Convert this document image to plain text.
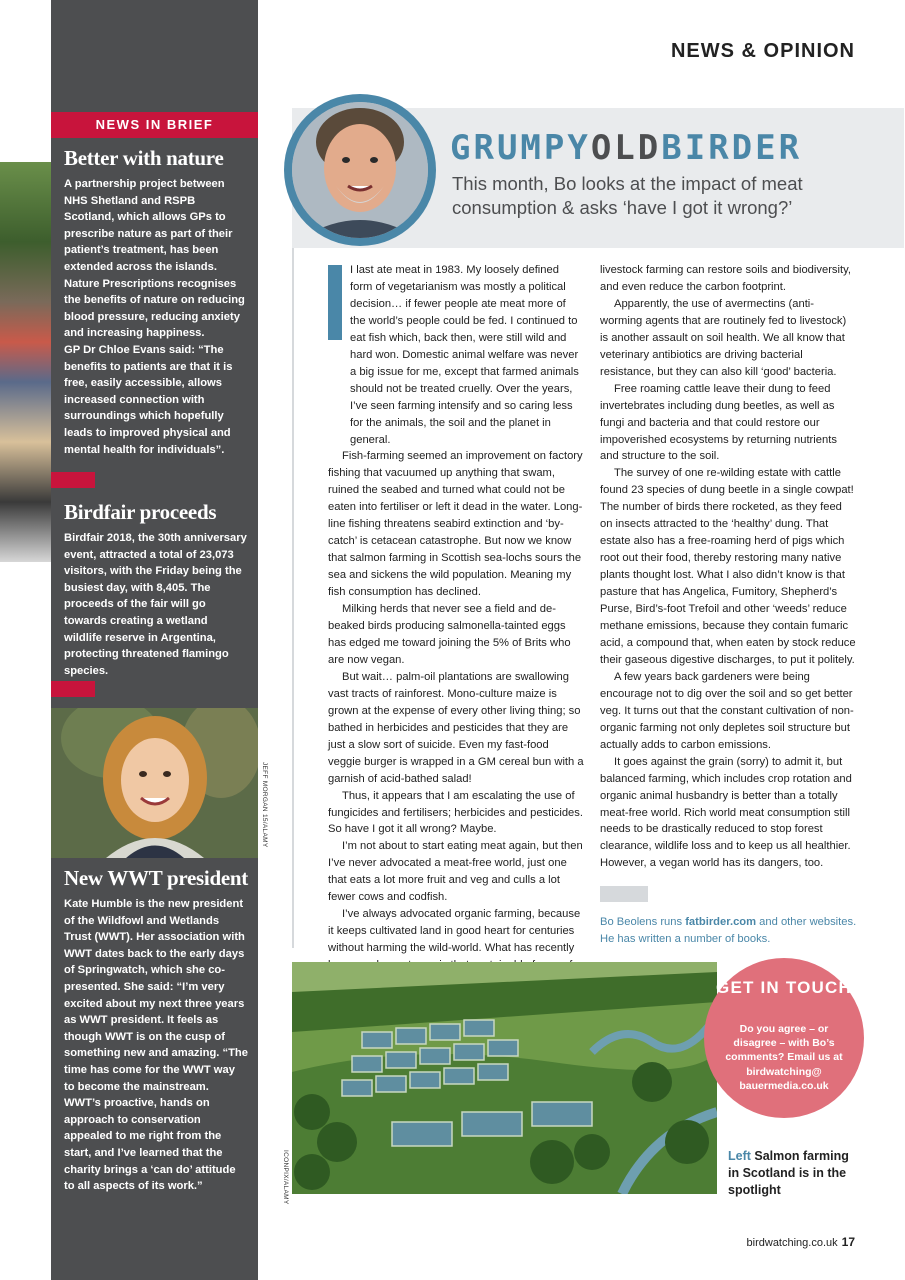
NEWS & OPINION
NEWS IN BRIEF
Better with nature
A partnership project between NHS Shetland and RSPB Scotland, which allows GPs to prescribe nature as part of their patient’s treatment, has been extended across the islands. Nature Prescriptions recognises the benefits of nature on reducing blood pressure, reducing anxiety and increasing happiness.
GP Dr Chloe Evans said: “The benefits to patients are that it is free, easily accessible, allows increased connection with surroundings which hopefully leads to improved physical and mental health for individuals”.
Birdfair proceeds
Birdfair 2018, the 30th anniversary event, attracted a total of 23,073 visitors, with the Friday being the busiest day, with 8,405. The proceeds of the fair will go towards creating a wetland wildlife reserve in Argentina, protecting threatened flamingo species.
JEFF MORGAN 15/ALAMY
New WWT president
Kate Humble is the new president of the Wildfowl and Wetlands Trust (WWT). Her association with WWT dates back to the early days of Springwatch, which she co-presented. She said: “I’m very excited about my next three years as WWT president. It feels as though WWT is on the cusp of something new and amazing. “The time has come for the WWT way to become the mainstream. WWT’s proactive, hands on approach to conservation appealed to me right from the start, and I’ve learned that the charity brings a ‘can do’ attitude to all aspects of its work.”
GRUMPYOLDBIRDER
This month, Bo looks at the impact of meat consumption & asks ‘have I got it wrong?’

I last ate meat in 1983. My loosely defined form of vegetarianism was mostly a political decision… if fewer people ate meat more of the world’s people could be fed. I continued to eat fish which, back then, were still wild and hard won. Domestic animal welfare was never a big issue for me, except that farmed animals should not be treated cruelly. Over the years, I’ve seen farming intensify and so caring less for the animals, the soil and the planet in general.

Fish-farming seemed an improvement on factory fishing that vacuumed up anything that swam, ruined the seabed and turned what could not be eaten into fertiliser or left it dead in the water. Long-line fishing threatens seabird extinction and ‘by-catch’ is cetacean catastrophe. But now we know that salmon farming in Scottish sea-lochs sours the sea and sickens the wild population. Meaning my fish consumption has declined.

Milking herds that never see a field and de-beaked birds producing salmonella-tainted eggs has edged me toward joining the 5% of Brits who are now vegan.

But wait… palm-oil plantations are swallowing vast tracts of rainforest. Mono-culture maize is grown at the expense of every other living thing; so bathed in herbicides and pesticides that they are just a slow sort of suicide. Even my fast-food veggie burger is wrapped in a GM cereal bun with a garnish of acid-bathed salad!

Thus, it appears that I am escalating the use of fungicides and fertilisers; herbicides and pesticides. So have I got it all wrong? Maybe.

I’m not about to start eating meat again, but then I’ve never advocated a meat-free world, just one that eats a lot more fruit and veg and culls a lot fewer cows and codfish.

I’ve always advocated organic farming, because it keeps cultivated land in good heart for centuries without harming the wild-world. What has recently

livestock farming can restore soils and biodiversity, and even reduce the carbon footprint.

Apparently, the use of avermectins (anti- worming agents that are routinely fed to livestock) is another assault on soil health. We all know that veterinary antibiotics are driving bacterial resistance, but they can also kill ‘good’ bacteria.

Free roaming cattle leave their dung to feed invertebrates including dung beetles, as well as fungi and bacteria and that could restore our impoverished ecosystems by returning nutrients and structure to the soil.

The survey of one re-wilding estate with cattle found 23 species of dung beetle in a single cowpat! The number of birds there rocketed, as they feed on insects attracted to the ‘healthy’ dung. That estate also has a free-roaming herd of pigs which root out their food, thereby restoring many native plants thought lost. What I also didn’t know is that pasture that has Angelica, Fumitory, Shepherd’s Purse, Bird’s-foot Trefoil and other ‘weeds’ reduce methane emissions, because they contain fumaric acid, a compound that, when eaten by stock reduce their gaseous digestive discharges, to put it politely.

A few years back gardeners were being encourage not to dig over the soil and so get better veg. It turns out that the constant cultivation of non-organic farming not only depletes soil structure but actually adds to carbon emissions.

It goes against the grain (sorry) to admit it, but balanced farming, which includes crop rotation and organic animal husbandry is better than a totally meat-free world. Rich world meat consumption still needs to be drastically reduced to stop forest clearance, wildlife loss and to keep us all healthier. However, a vegan world has its dangers, too.

Bo Beolens runs fatbirder.com and other websites. He has written a number of books.
ICONPIX/ALAMY
GET IN TOUCH
Do you agree – or disagree – with Bo’s comments? Email us at birdwatching@ bauermedia.co.uk
Left Salmon farming in Scotland is in the spotlight
birdwatching.co.uk 17
